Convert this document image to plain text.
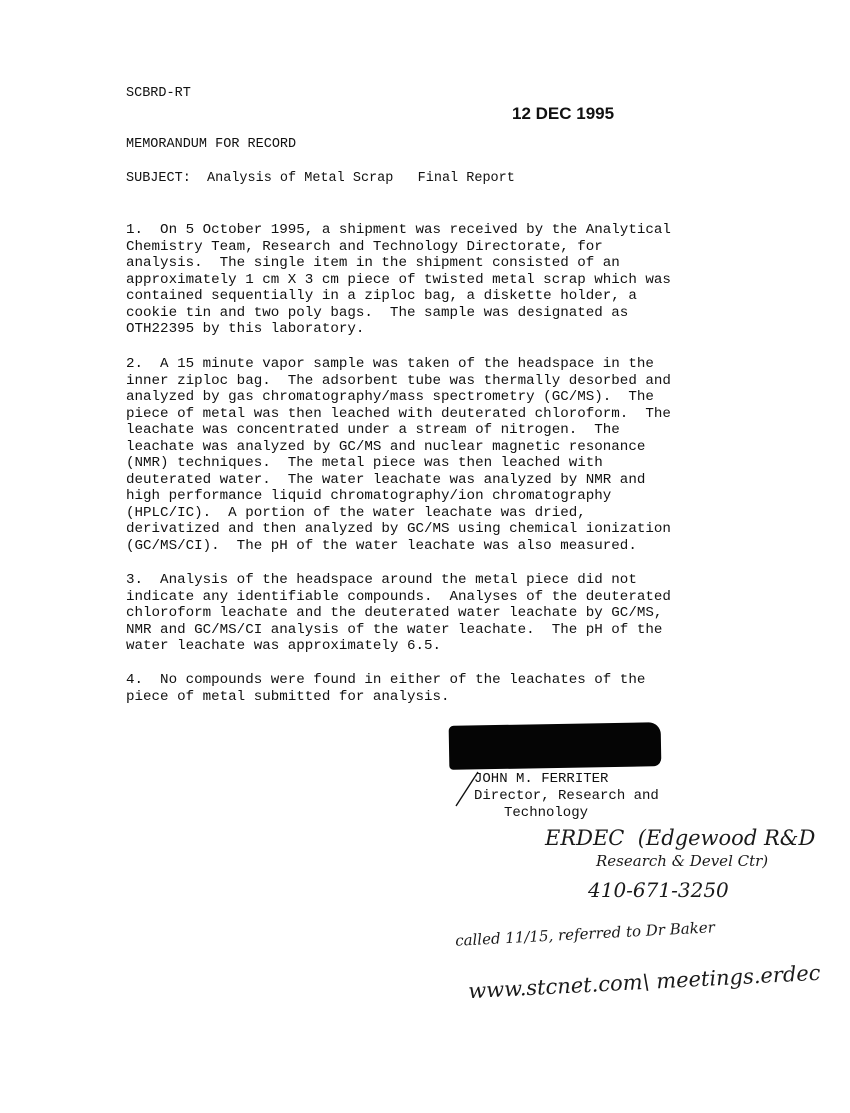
SCBRD-RT
12 DEC 1995
MEMORANDUM FOR RECORD
SUBJECT:  Analysis of Metal Scrap   Final Report
1.  On 5 October 1995, a shipment was received by the Analytical
Chemistry Team, Research and Technology Directorate, for
analysis.  The single item in the shipment consisted of an
approximately 1 cm X 3 cm piece of twisted metal scrap which was
contained sequentially in a ziploc bag, a diskette holder, a
cookie tin and two poly bags.  The sample was designated as
OTH22395 by this laboratory.
2.  A 15 minute vapor sample was taken of the headspace in the
inner ziploc bag.  The adsorbent tube was thermally desorbed and
analyzed by gas chromatography/mass spectrometry (GC/MS).  The
piece of metal was then leached with deuterated chloroform.  The
leachate was concentrated under a stream of nitrogen.  The
leachate was analyzed by GC/MS and nuclear magnetic resonance
(NMR) techniques.  The metal piece was then leached with
deuterated water.  The water leachate was analyzed by NMR and
high performance liquid chromatography/ion chromatography
(HPLC/IC).  A portion of the water leachate was dried,
derivatized and then analyzed by GC/MS using chemical ionization
(GC/MS/CI).  The pH of the water leachate was also measured.
3.  Analysis of the headspace around the metal piece did not
indicate any identifiable compounds.  Analyses of the deuterated
chloroform leachate and the deuterated water leachate by GC/MS,
NMR and GC/MS/CI analysis of the water leachate.  The pH of the
water leachate was approximately 6.5.
4.  No compounds were found in either of the leachates of the
piece of metal submitted for analysis.
JOHN M. FERRITER
Director, Research and
Technology
ERDEC  (Edgewood R&D
Research & Devel Ctr)
410-671-3250
called 11/15, referred to Dr Baker
www.stcnet.com\ meetings.erdec
